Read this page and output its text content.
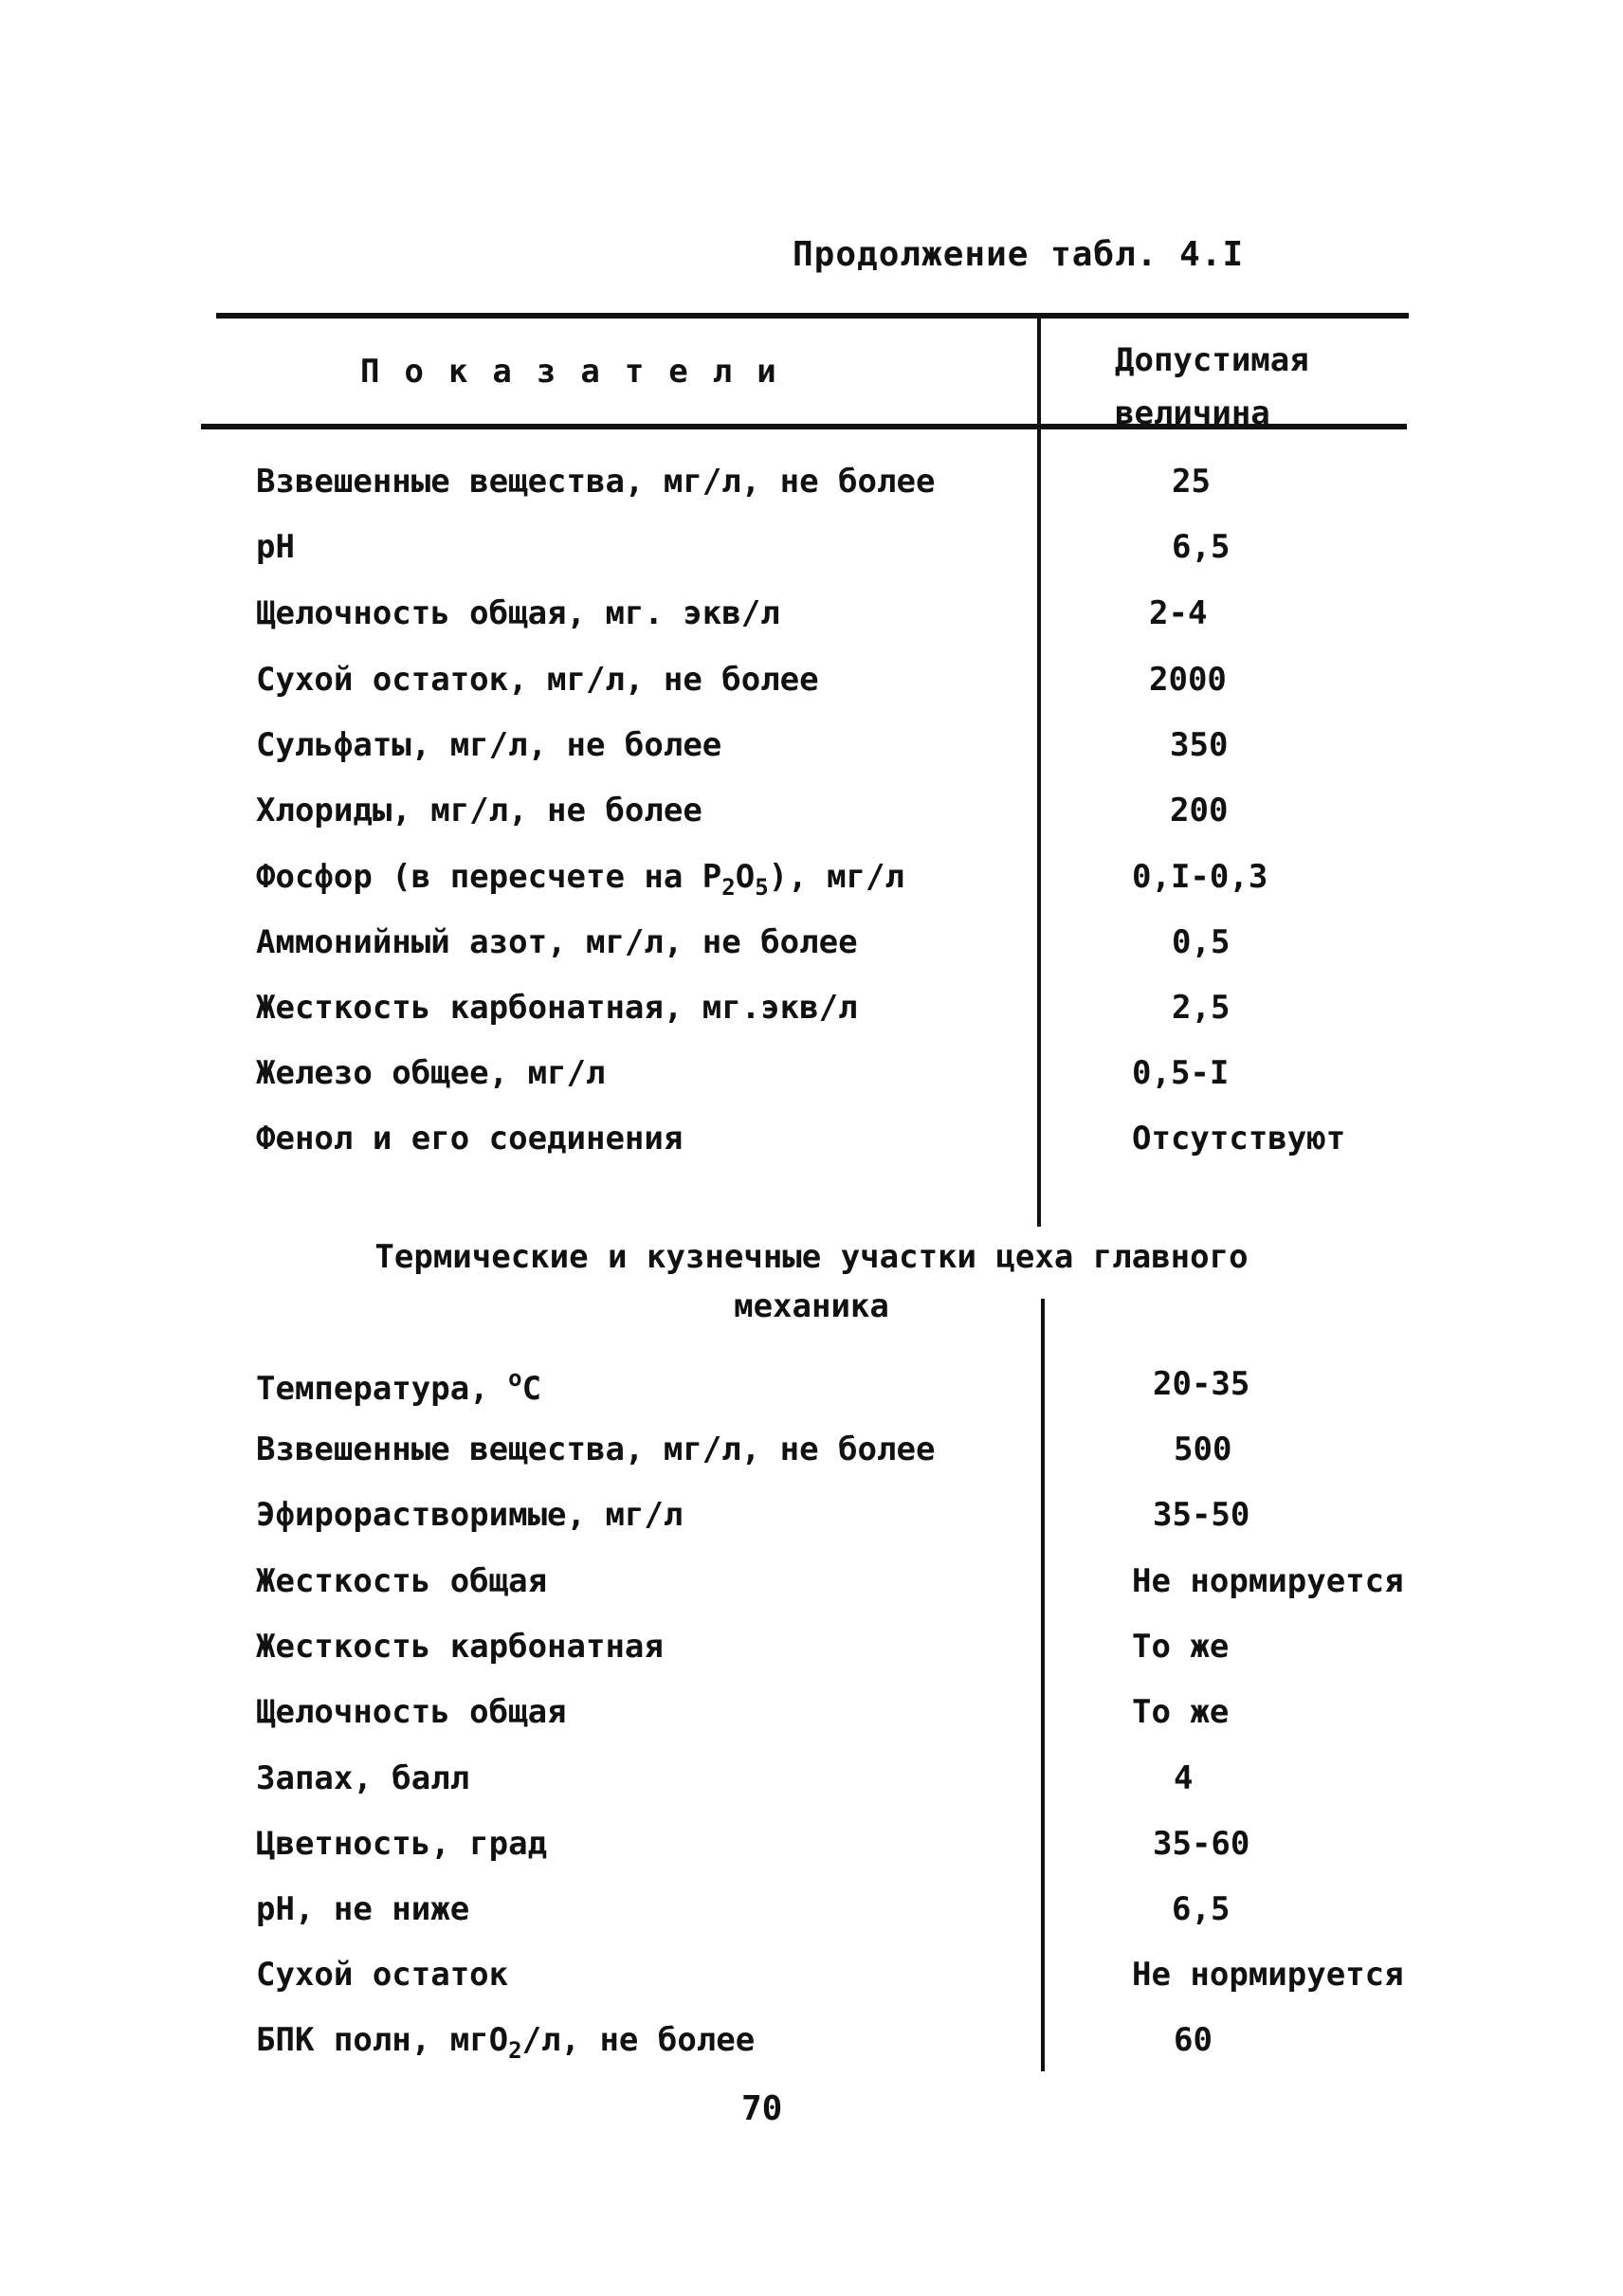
Продолжение табл. 4.I
Показатели	Допустимая
величина
Взвешенные вещества, мг/л, не более	25
рН	6,5
Щелочность общая, мг. экв/л	2-4
Сухой остаток, мг/л, не более	2000
Сульфаты, мг/л, не более	350
Хлориды, мг/л, не более	200
Фосфор (в пересчете на $P_2O_5$), мг/л	0,I-0,3
Аммонийный азот, мг/л, не более	0,5
Жесткость карбонатная, мг.экв/л	2,5
Железо общее, мг/л	0,5-I
Фенол и его соединения	Отсутствуют
Термические и кузнечные участки цеха главного
механика
Температура, $^o$C	20-35
Взвешенные вещества, мг/л, не более	500
Эфирорастворимые, мг/л	35-50
Жесткость общая	Не нормируется
Жесткость карбонатная	То же
Щелочность общая	То же
Запах, балл	4
Цветность, град	35-60
рН, не ниже	6,5
Сухой остаток	Не нормируется
БПК полн, мгО$_2$/л, не более	60
70
